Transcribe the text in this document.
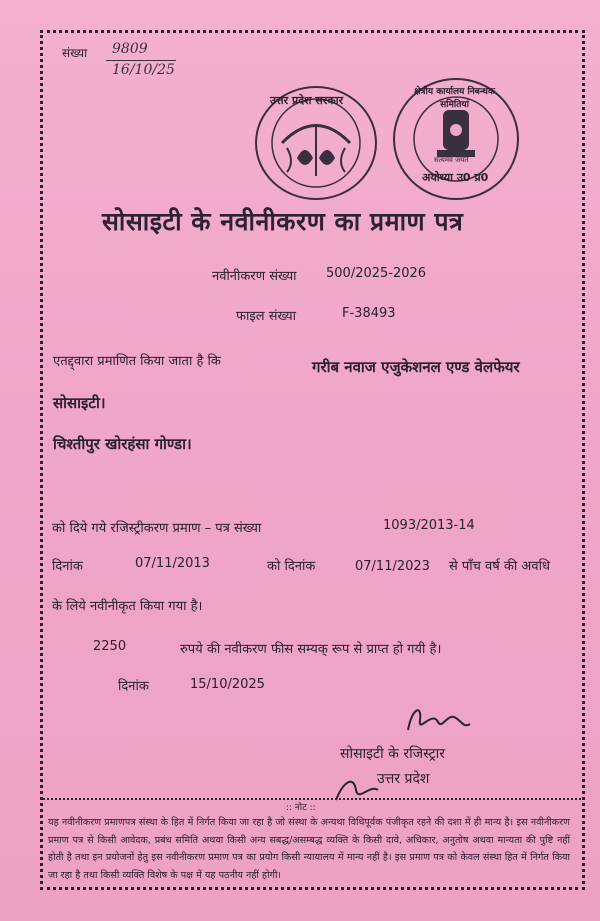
संख्या 9809
16/10/25
उत्तर प्रदेश सरकार
क्षेत्रीय कार्यालय निबन्धक समितियां
सत्यमेव जयते
अयोध्या उ0 प्र0
सोसाइटी के नवीनीकरण का प्रमाण पत्र
नवीनीकरण संख्या 500/2025-2026
फाइल संख्या	F-38493
एतद्द्वारा प्रमाणित किया जाता है कि	गरीब नवाज एजुकेशनल एण्ड वेलफेयर
सोसाइटी।
चिश्तीपुर खोरहंसा गोण्डा।
को दिये गये रजिस्ट्रीकरण प्रमाण – पत्र संख्या	1093/2013-14
दिनांक	07/11/2013	को दिनांक	07/11/2023 से पाँच वर्ष की अवधि
के लिये नवीनीकृत किया गया है।
2250	रुपये की नवीकरण फीस सम्यक् रूप से प्राप्त हो गयी है।
दिनांक	15/10/2025
सोसाइटी के रजिस्ट्रार
उत्तर प्रदेश
:: नोट ::
यह नवीनीकरण प्रमाणपत्र संस्था के हित में निर्गत किया जा रहा है जो संस्था के अन्यथा विधिपूर्वक पंजीकृत रहने की दशा में ही मान्य है। इस नवीनीकरण प्रमाण पत्र से किसी आवेदक, प्रबंध समिति अथवा किसी अन्य सबद्ध/असम्बद्ध व्यक्ति के किसी दावे, अधिकार, अनुतोष अथवा मान्यता की पुष्टि नहीं होती है तथा इन प्रयोजनों हेतु इस नवीनीकरण प्रमाण पत्र का प्रयोग किसी न्यायालय में मान्य नहीं है। इस प्रमाण पत्र को केवल संस्था हित में निर्गत किया जा रहा है तथा किसी व्यक्ति विशेष के पक्ष में यह पठनीय नहीं होगी।
